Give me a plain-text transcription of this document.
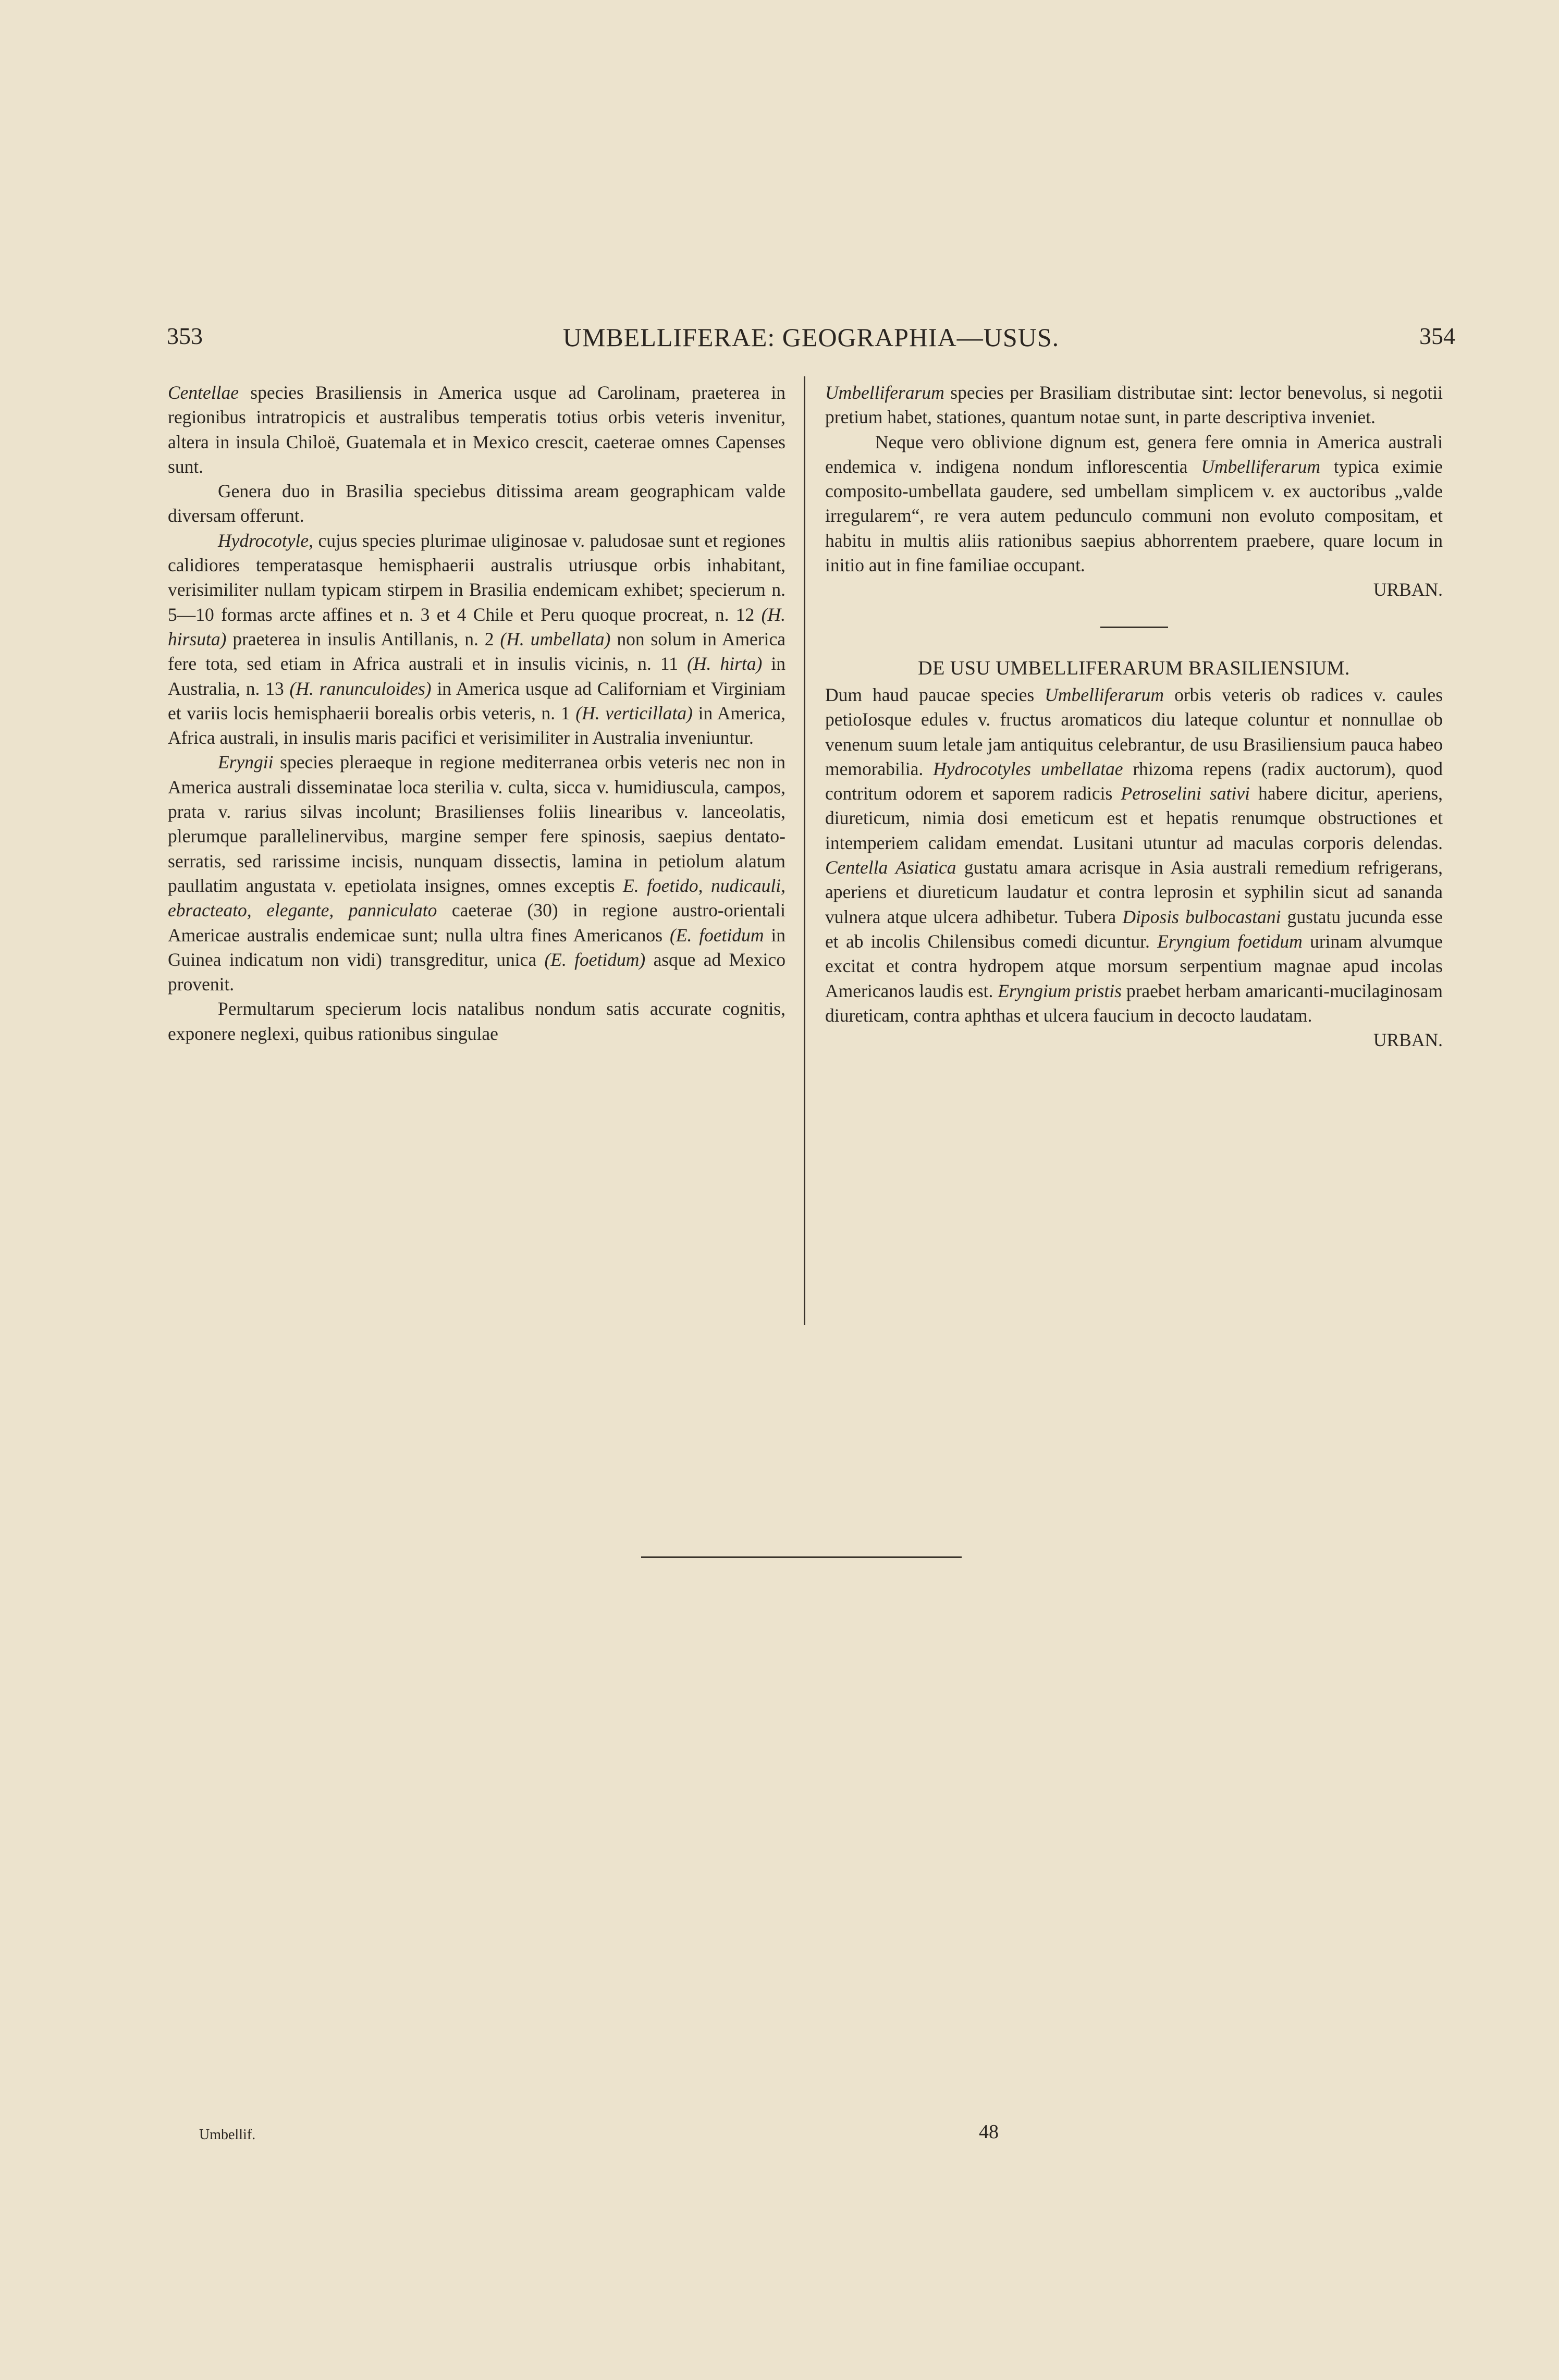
353	UMBELLIFERAE: GEOGRAPHIA—USUS.	354

Centellae species Brasiliensis in America usque ad Carolinam, praeterea in regionibus intratropicis et australibus temperatis totius orbis veteris invenitur, altera in insula Chiloë, Guatemala et in Mexico crescit, caeterae omnes Capenses sunt.

Genera duo in Brasilia speciebus ditissima aream geographicam valde diversam offerunt.

Hydrocotyle, cujus species plurimae uliginosae v. paludosae sunt et regiones calidiores temperatasque hemisphaerii australis utriusque orbis inhabitant, verisimiliter nullam typicam stirpem in Brasilia endemicam exhibet; specierum n. 5—10 formas arcte affines et n. 3 et 4 Chile et Peru quoque procreat, n. 12 (H. hirsuta) praeterea in insulis Antillanis, n. 2 (H. umbellata) non solum in America fere tota, sed etiam in Africa australi et in insulis vicinis, n. 11 (H. hirta) in Australia, n. 13 (H. ranunculoides) in America usque ad Californiam et Virginiam et variis locis hemisphaerii borealis orbis veteris, n. 1 (H. verticillata) in America, Africa australi, in insulis maris pacifici et verisimiliter in Australia inveniuntur.

Eryngii species pleraeque in regione mediterranea orbis veteris nec non in America australi disseminatae loca sterilia v. culta, sicca v. humidiuscula, campos, prata v. rarius silvas incolunt; Brasilienses foliis linearibus v. lanceolatis, plerumque parallelinervibus, margine semper fere spinosis, saepius dentato-serratis, sed rarissime incisis, nunquam dissectis, lamina in petiolum alatum paullatim angustata v. epetiolata insignes, omnes exceptis E. foetido, nudicauli, ebracteato, elegante, panniculato caeterae (30) in regione austro-orientali Americae australis endemicae sunt; nulla ultra fines Americanos (E. foetidum in Guinea indicatum non vidi) transgreditur, unica (E. foetidum) asque ad Mexico provenit.

Permultarum specierum locis natalibus nondum satis accurate cognitis, exponere neglexi, quibus rationibus singulae

Umbelliferarum species per Brasiliam distributae sint: lector benevolus, si negotii pretium habet, stationes, quantum notae sunt, in parte descriptiva inveniet.

Neque vero oblivione dignum est, genera fere omnia in America australi endemica v. indigena nondum inflorescentia Umbelliferarum typica eximie composito-umbellata gaudere, sed umbellam simplicem v. ex auctoribus „valde irregularem“, re vera autem pedunculo communi non evoluto compositam, et habitu in multis aliis rationibus saepius abhorrentem praebere, quare locum in initio aut in fine familiae occupant.

URBAN.
DE USU UMBELLIFERARUM BRASILIENSIUM.

Dum haud paucae species Umbelliferarum orbis veteris ob radices v. caules petioIosque edules v. fructus aromaticos diu lateque coluntur et nonnullae ob venenum suum letale jam antiquitus celebrantur, de usu Brasiliensium pauca habeo memorabilia. Hydrocotyles umbellatae rhizoma repens (radix auctorum), quod contritum odorem et saporem radicis Petroselini sativi habere dicitur, aperiens, diureticum, nimia dosi emeticum est et hepatis renumque obstructiones et intemperiem calidam emendat. Lusitani utuntur ad maculas corporis delendas. Centella Asiatica gustatu amara acrisque in Asia australi remedium refrigerans, aperiens et diureticum laudatur et contra leprosin et syphilin sicut ad sananda vulnera atque ulcera adhibetur. Tubera Diposis bulbocastani gustatu jucunda esse et ab incolis Chilensibus comedi dicuntur. Eryngium foetidum urinam alvumque excitat et contra hydropem atque morsum serpentium magnae apud incolas Americanos laudis est. Eryngium pristis praebet herbam amaricanti-mucilaginosam diureticam, contra aphthas et ulcera faucium in decocto laudatam.

URBAN.
Umbellif.	48
